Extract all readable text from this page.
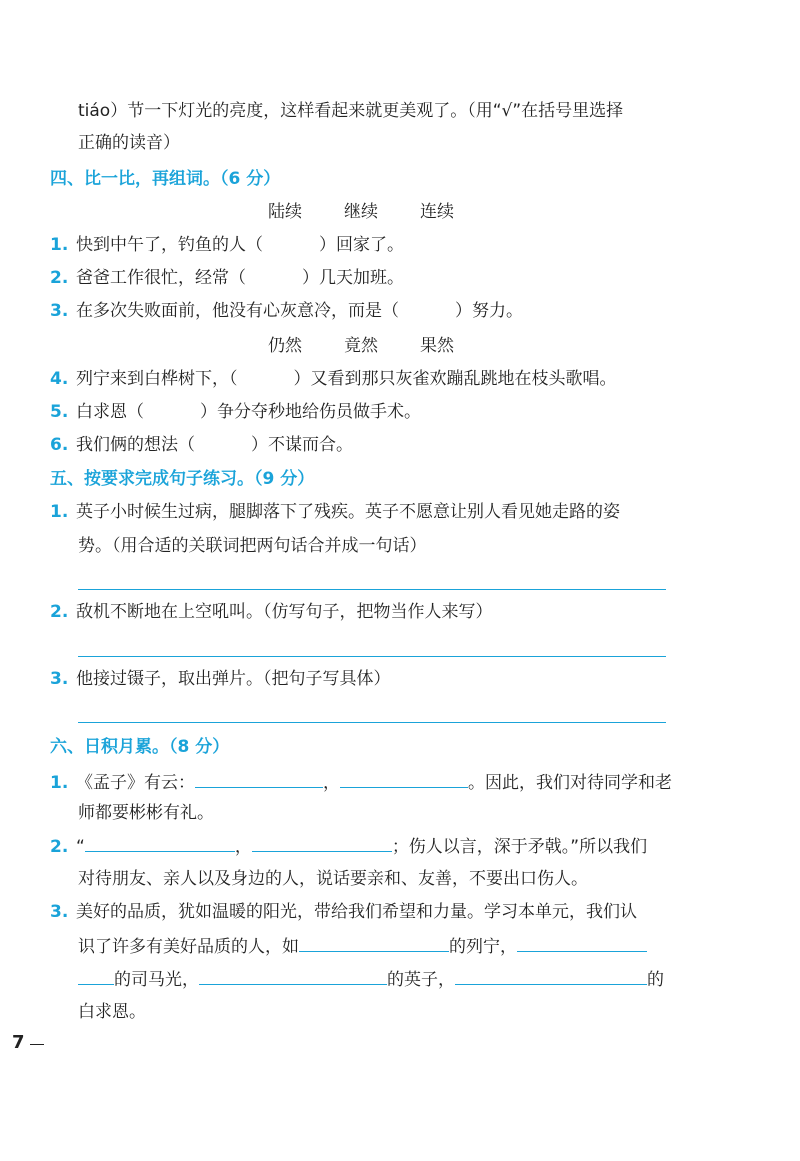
tiáo）节一下灯光的亮度，这样看起来就更美观了。（用“√”在括号里选择
正确的读音）
四、比一比，再组词。（6 分）
陆续 继续 连续
1. 快到中午了，钓鱼的人（	）回家了。
2. 爸爸工作很忙，经常（	）几天加班。
3. 在多次失败面前，他没有心灰意冷，而是（	）努力。
仍然 竟然 果然
4. 列宁来到白桦树下，（	）又看到那只灰雀欢蹦乱跳地在枝头歌唱。
5. 白求恩（	）争分夺秒地给伤员做手术。
6. 我们俩的想法（	）不谋而合。
五、按要求完成句子练习。（9 分）
1. 英子小时候生过病，腿脚落下了残疾。英子不愿意让别人看见她走路的姿
势。（用合适的关联词把两句话合并成一句话）
2. 敌机不断地在上空吼叫。（仿写句子，把物当作人来写）
3. 他接过镊子，取出弹片。（把句子写具体）
六、日积月累。（8 分）
1. 《孟子》有云：	，	。因此，我们对待同学和老
师都要彬彬有礼。
2. “	，	；伤人以言，深于矛戟。”所以我们
对待朋友、亲人以及身边的人，说话要亲和、友善，不要出口伤人。
3. 美好的品质，犹如温暖的阳光，带给我们希望和力量。学习本单元，我们认
识了许多有美好品质的人，如	的列宁，
的司马光，	的英子，	的
白求恩。
7
